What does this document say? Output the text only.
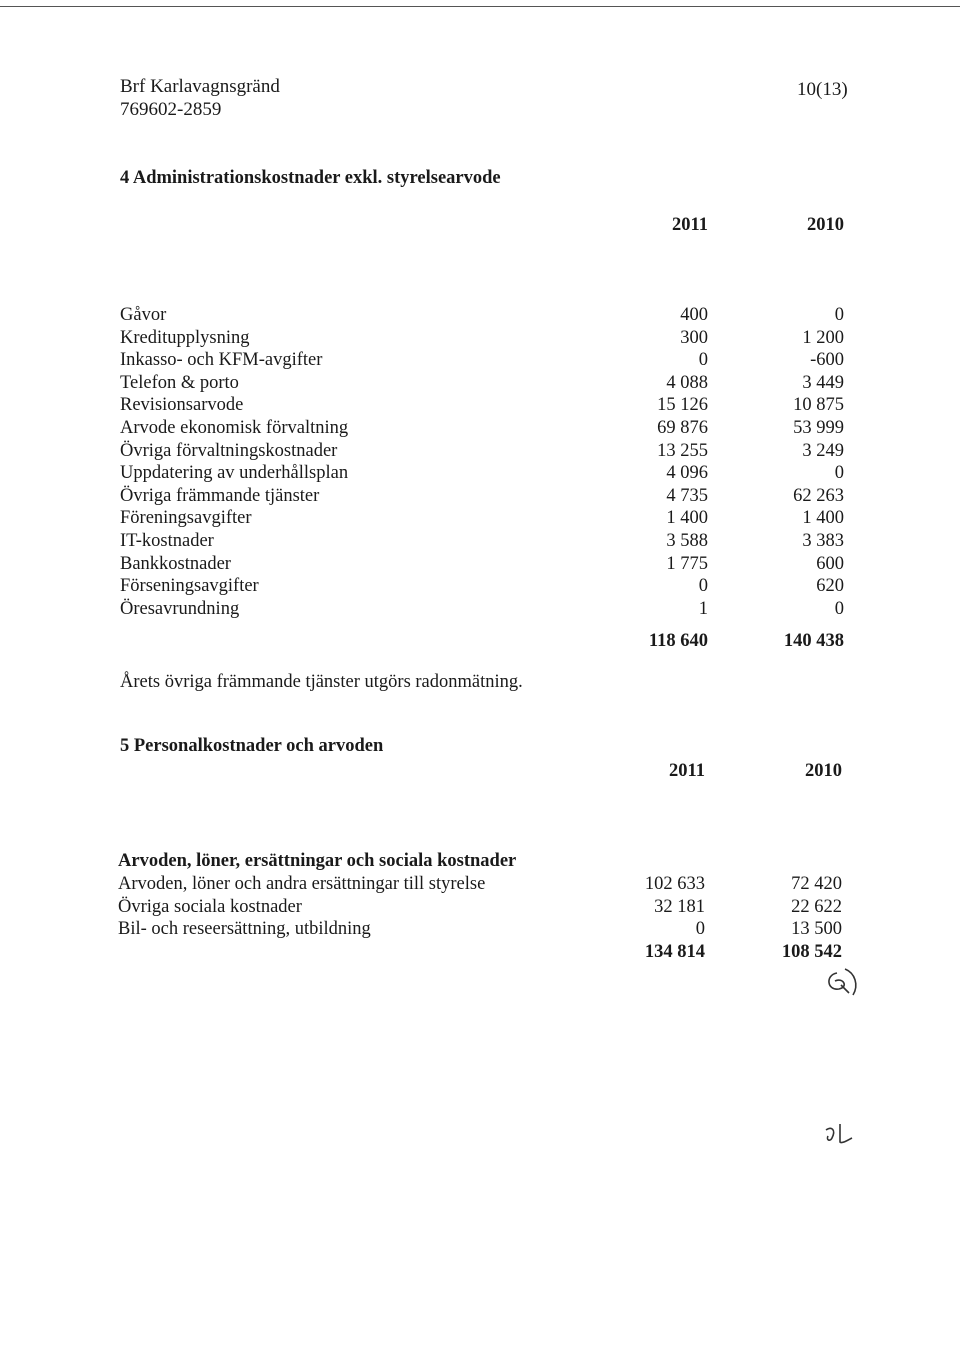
Brf Karlavagnsgränd
769602-2859
10(13)
4 Administrationskostnader exkl. styrelsearvode
2011	2010
Gåvor	400	0
Kreditupplysning	300	1 200
Inkasso- och KFM-avgifter	0	-600
Telefon & porto	4 088	3 449
Revisionsarvode	15 126	10 875
Arvode ekonomisk förvaltning	69 876	53 999
Övriga förvaltningskostnader	13 255	3 249
Uppdatering av underhållsplan	4 096	0
Övriga främmande tjänster	4 735	62 263
Föreningsavgifter	1 400	1 400
IT-kostnader	3 588	3 383
Bankkostnader	1 775	600
Förseningsavgifter	0	620
Öresavrundning	1	0
118 640	140 438
Årets övriga främmande tjänster utgörs radonmätning.
5 Personalkostnader och arvoden
2011	2010
Arvoden, löner, ersättningar och sociala kostnader
Arvoden, löner och andra ersättningar till styrelse	102 633	72 420
Övriga sociala kostnader	32 181	22 622
Bil- och reseersättning, utbildning	0	13 500
134 814	108 542
